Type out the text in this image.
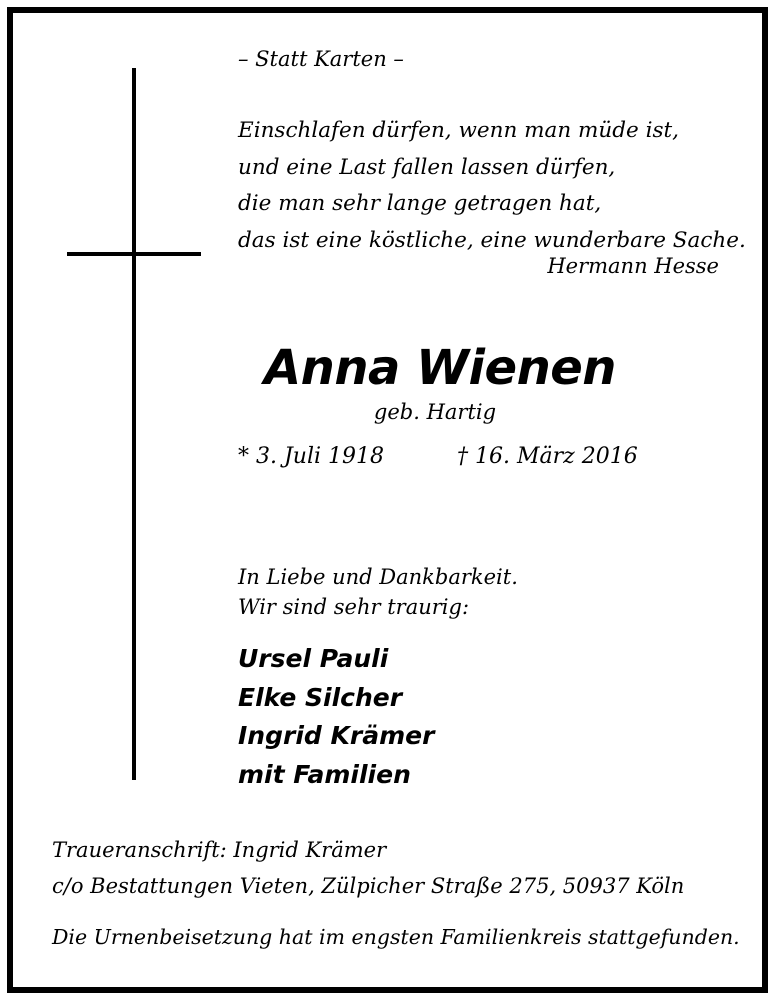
– Statt Karten –

Einschlafen dürfen, wenn man müde ist,
und eine Last fallen lassen dürfen,
die man sehr lange getragen hat,
das ist eine köstliche, eine wunderbare Sache.

Hermann Hesse

Anna Wienen

geb. Hartig

* 3. Juli 1918	† 16. März 2016

In Liebe und Dankbarkeit.
Wir sind sehr traurig:
Ursel Pauli
Elke Silcher
Ingrid Krämer
mit Familien
Traueranschrift: Ingrid Krämer
c/o Bestattungen Vieten, Zülpicher Straße 275, 50937 Köln

Die Urnenbeisetzung hat im engsten Familienkreis stattgefunden.
